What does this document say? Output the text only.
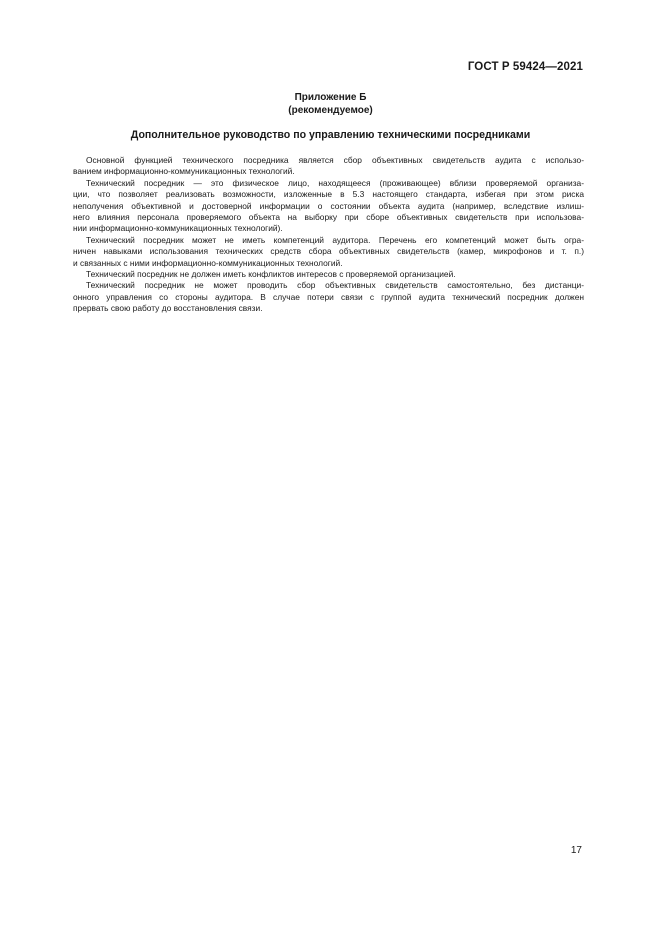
ГОСТ Р 59424—2021
Приложение Б
(рекомендуемое)
Дополнительное руководство по управлению техническими посредниками
Основной функцией технического посредника является сбор объективных свидетельств аудита с использо-
ванием информационно-коммуникационных технологий.
Технический посредник — это физическое лицо, находящееся (проживающее) вблизи проверяемой организа-
ции, что позволяет реализовать возможности, изложенные в 5.3 настоящего стандарта, избегая при этом риска
неполучения объективной и достоверной информации о состоянии объекта аудита (например, вследствие излиш-
него влияния персонала проверяемого объекта на выборку при сборе объективных свидетельств при использова-
нии информационно-коммуникационных технологий).
Технический посредник может не иметь компетенций аудитора. Перечень его компетенций может быть огра-
ничен навыками использования технических средств сбора объективных свидетельств (камер, микрофонов и т. п.)
и связанных с ними информационно-коммуникационных технологий.
Технический посредник не должен иметь конфликтов интересов с проверяемой организацией.
Технический посредник не может проводить сбор объективных свидетельств самостоятельно, без дистанци-
онного управления со стороны аудитора. В случае потери связи с группой аудита технический посредник должен
прервать свою работу до восстановления связи.
17
